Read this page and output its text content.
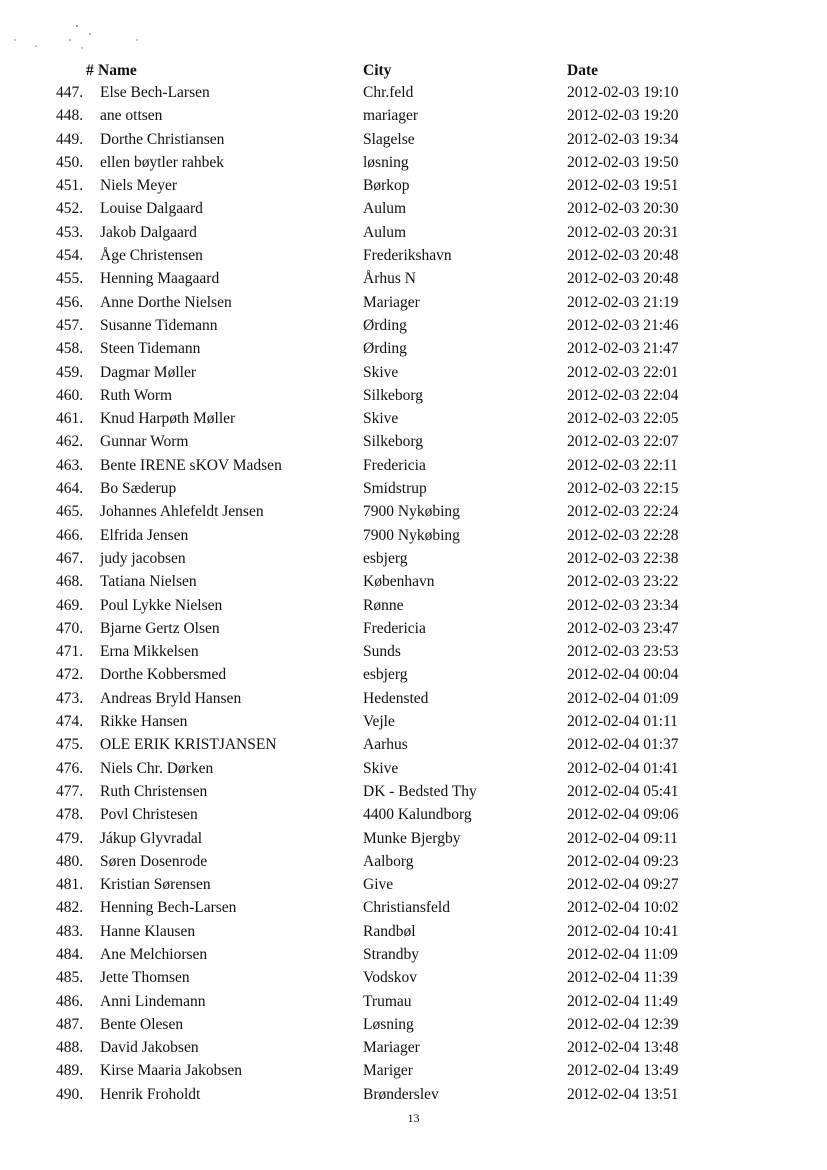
# Name	City	Date
447.	Else Bech-Larsen	Chr.feld	2012-02-03 19:10
448.	ane ottsen	mariager	2012-02-03 19:20
449.	Dorthe Christiansen	Slagelse	2012-02-03 19:34
450.	ellen bøytler rahbek	løsning	2012-02-03 19:50
451.	Niels Meyer	Børkop	2012-02-03 19:51
452.	Louise Dalgaard	Aulum	2012-02-03 20:30
453.	Jakob Dalgaard	Aulum	2012-02-03 20:31
454.	Åge Christensen	Frederikshavn	2012-02-03 20:48
455.	Henning Maagaard	Århus N	2012-02-03 20:48
456.	Anne Dorthe Nielsen	Mariager	2012-02-03 21:19
457.	Susanne Tidemann	Ørding	2012-02-03 21:46
458.	Steen Tidemann	Ørding	2012-02-03 21:47
459.	Dagmar Møller	Skive	2012-02-03 22:01
460.	Ruth Worm	Silkeborg	2012-02-03 22:04
461.	Knud Harpøth Møller	Skive	2012-02-03 22:05
462.	Gunnar Worm	Silkeborg	2012-02-03 22:07
463.	Bente IRENE sKOV Madsen	Fredericia	2012-02-03 22:11
464.	Bo Sæderup	Smidstrup	2012-02-03 22:15
465.	Johannes Ahlefeldt Jensen	7900 Nykøbing	2012-02-03 22:24
466.	Elfrida Jensen	7900 Nykøbing	2012-02-03 22:28
467.	judy jacobsen	esbjerg	2012-02-03 22:38
468.	Tatiana Nielsen	København	2012-02-03 23:22
469.	Poul Lykke Nielsen	Rønne	2012-02-03 23:34
470.	Bjarne Gertz Olsen	Fredericia	2012-02-03 23:47
471.	Erna Mikkelsen	Sunds	2012-02-03 23:53
472.	Dorthe Kobbersmed	esbjerg	2012-02-04 00:04
473.	Andreas Bryld Hansen	Hedensted	2012-02-04 01:09
474.	Rikke Hansen	Vejle	2012-02-04 01:11
475.	OLE ERIK KRISTJANSEN	Aarhus	2012-02-04 01:37
476.	Niels Chr. Dørken	Skive	2012-02-04 01:41
477.	Ruth Christensen	DK - Bedsted Thy	2012-02-04 05:41
478.	Povl Christesen	4400 Kalundborg	2012-02-04 09:06
479.	Jákup Glyvradal	Munke Bjergby	2012-02-04 09:11
480.	Søren Dosenrode	Aalborg	2012-02-04 09:23
481.	Kristian Sørensen	Give	2012-02-04 09:27
482.	Henning Bech-Larsen	Christiansfeld	2012-02-04 10:02
483.	Hanne Klausen	Randbøl	2012-02-04 10:41
484.	Ane Melchiorsen	Strandby	2012-02-04 11:09
485.	Jette Thomsen	Vodskov	2012-02-04 11:39
486.	Anni Lindemann	Trumau	2012-02-04 11:49
487.	Bente Olesen	Løsning	2012-02-04 12:39
488.	David Jakobsen	Mariager	2012-02-04 13:48
489.	Kirse Maaria Jakobsen	Mariger	2012-02-04 13:49
490.	Henrik Froholdt	Brønderslev	2012-02-04 13:51
13
